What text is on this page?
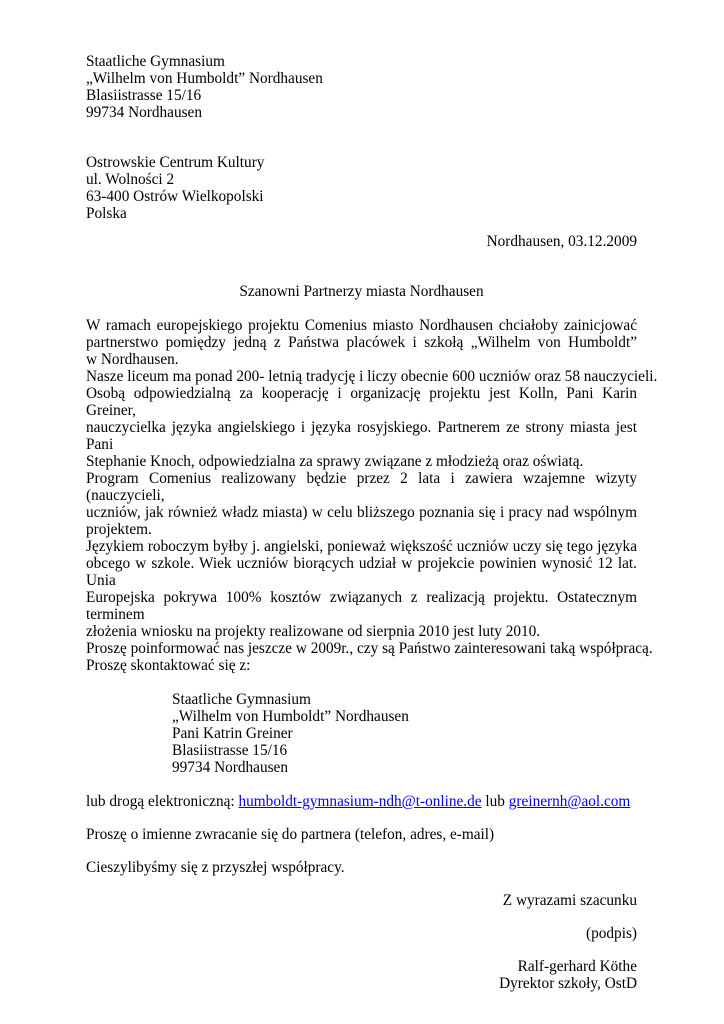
Staatliche Gymnasium
„Wilhelm von Humboldt” Nordhausen
Blasiistrasse 15/16
99734 Nordhausen
Ostrowskie Centrum Kultury
ul. Wolności 2
63-400 Ostrów Wielkopolski
Polska
Nordhausen, 03.12.2009
Szanowni Partnerzy miasta Nordhausen
W ramach europejskiego projektu Comenius miasto Nordhausen chciałoby zainicjować
partnerstwo pomiędzy jedną z Państwa placówek i szkołą „Wilhelm von Humboldt”
w Nordhausen.
Nasze liceum ma ponad 200- letnią tradycję i liczy obecnie 600 uczniów oraz 58 nauczycieli.
Osobą odpowiedzialną za kooperację i organizację projektu jest Kolln, Pani Karin Greiner,
nauczycielka języka angielskiego i języka rosyjskiego. Partnerem ze strony miasta jest Pani
Stephanie Knoch, odpowiedzialna za sprawy związane z młodzieżą oraz oświatą.
Program Comenius realizowany będzie przez 2 lata i zawiera wzajemne wizyty (nauczycieli,
uczniów, jak również władz miasta) w celu bliższego poznania się i pracy nad wspólnym
projektem.
Językiem roboczym byłby j. angielski, ponieważ większość uczniów uczy się tego języka
obcego w szkole. Wiek uczniów biorących udział w projekcie powinien wynosić 12 lat. Unia
Europejska pokrywa 100% kosztów związanych z realizacją projektu. Ostatecznym terminem
złożenia wniosku na projekty realizowane od sierpnia 2010 jest luty 2010.
Proszę poinformować nas jeszcze w 2009r., czy są Państwo zainteresowani taką współpracą.
Proszę skontaktować się z:
Staatliche Gymnasium
„Wilhelm von Humboldt” Nordhausen
Pani Katrin Greiner
Blasiistrasse 15/16
99734 Nordhausen
lub drogą elektroniczną: humboldt-gymnasium-ndh@t-online.de lub greinernh@aol.com
Proszę o imienne zwracanie się do partnera (telefon, adres, e-mail)
Cieszylibyśmy się z przyszłej współpracy.
Z wyrazami szacunku
(podpis)
Ralf-gerhard Köthe
Dyrektor szkoły, OstD
